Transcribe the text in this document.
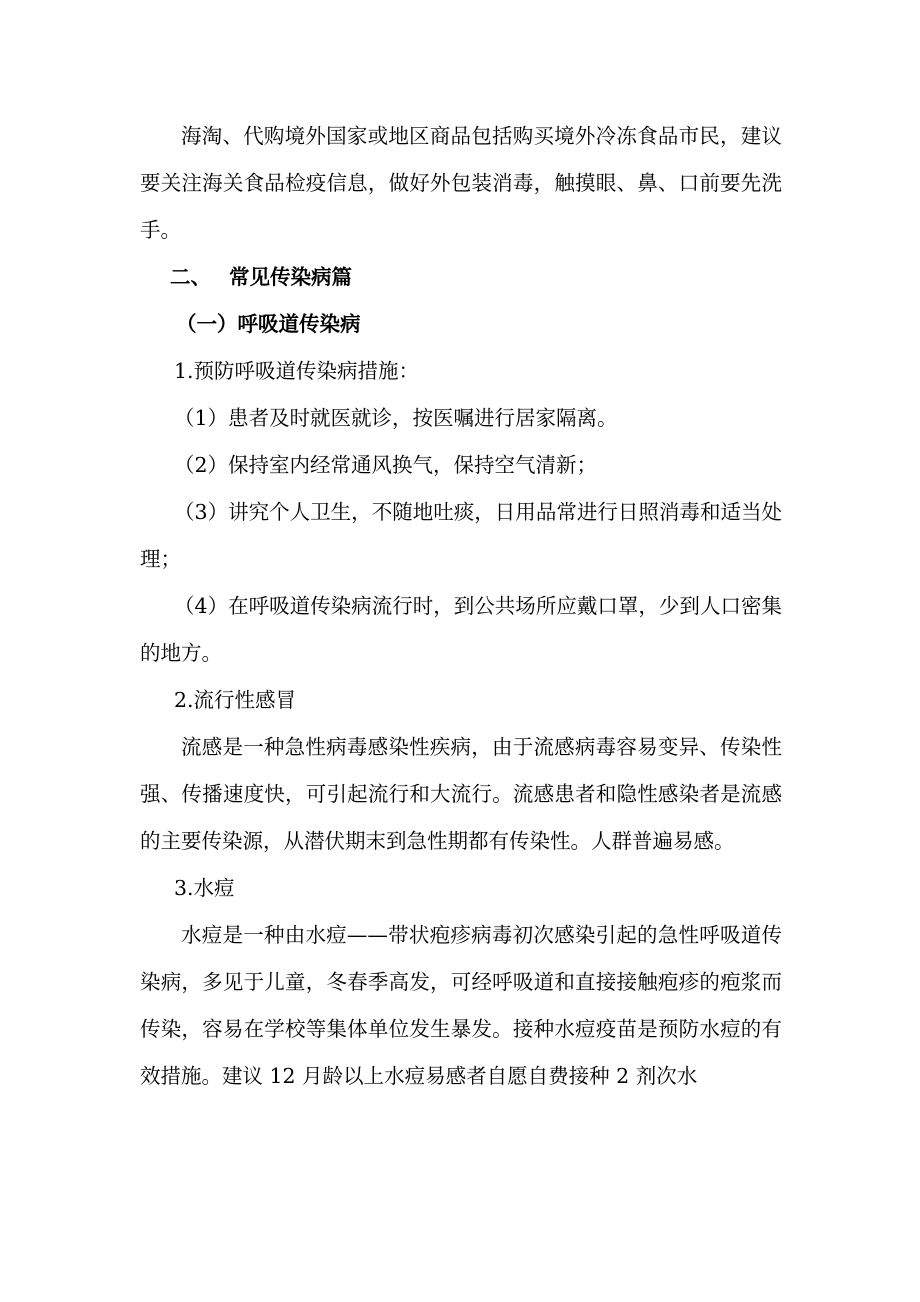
海淘、代购境外国家或地区商品包括购买境外冷冻食品市民，建议要关注海关食品检疫信息，做好外包装消毒，触摸眼、鼻、口前要先洗手。

二、 常见传染病篇

（一）呼吸道传染病

1.预防呼吸道传染病措施：

（1）患者及时就医就诊，按医嘱进行居家隔离。

（2）保持室内经常通风换气，保持空气清新；

（3）讲究个人卫生，不随地吐痰，日用品常进行日照消毒和适当处理；

（4）在呼吸道传染病流行时，到公共场所应戴口罩，少到人口密集的地方。

2.流行性感冒

流感是一种急性病毒感染性疾病，由于流感病毒容易变异、传染性强、传播速度快，可引起流行和大流行。流感患者和隐性感染者是流感的主要传染源，从潜伏期末到急性期都有传染性。人群普遍易感。

3.水痘

水痘是一种由水痘——带状疱疹病毒初次感染引起的急性呼吸道传染病，多见于儿童，冬春季高发，可经呼吸道和直接接触疱疹的疱浆而传染，容易在学校等集体单位发生暴发。接种水痘疫苗是预防水痘的有效措施。建议 12 月龄以上水痘易感者自愿自费接种 2 剂次水
